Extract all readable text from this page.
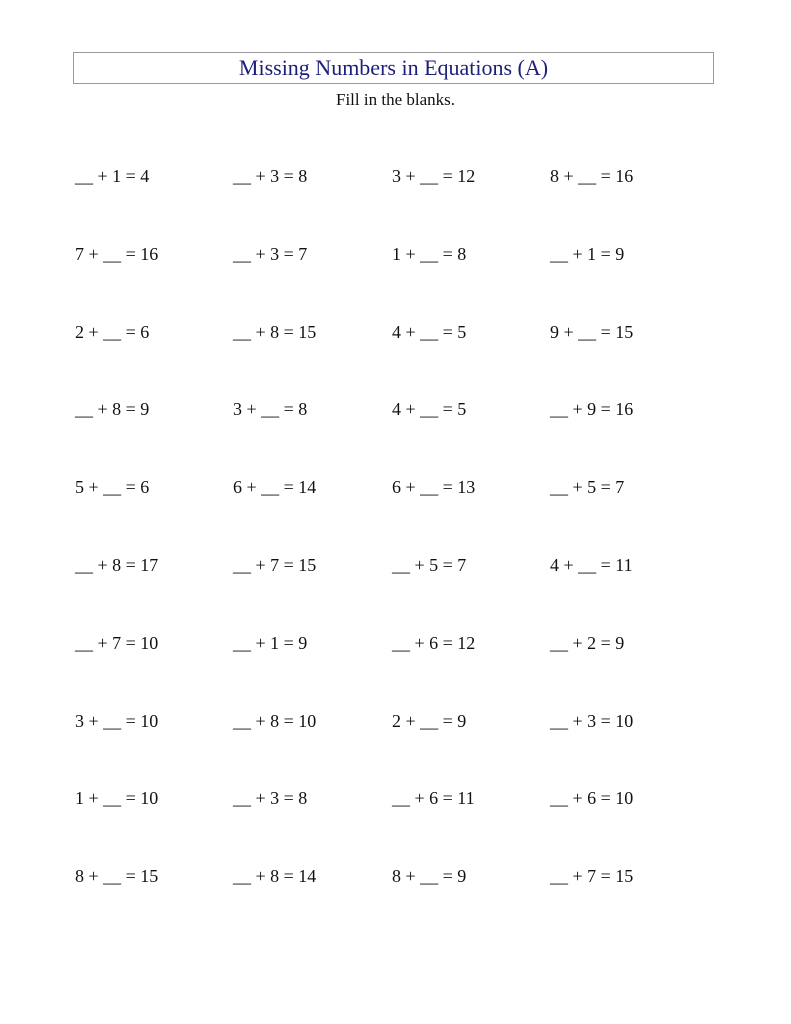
Missing Numbers in Equations (A)
Fill in the blanks.
__ + 1 = 4	__ + 3 = 8	3 + __ = 12	8 + __ = 16
7 + __ = 16	__ + 3 = 7	1 + __ = 8	__ + 1 = 9
2 + __ = 6	__ + 8 = 15	4 + __ = 5	9 + __ = 15
__ + 8 = 9	3 + __ = 8	4 + __ = 5	__ + 9 = 16
5 + __ = 6	6 + __ = 14	6 + __ = 13	__ + 5 = 7
__ + 8 = 17	__ + 7 = 15	__ + 5 = 7	4 + __ = 11
__ + 7 = 10	__ + 1 = 9	__ + 6 = 12	__ + 2 = 9
3 + __ = 10	__ + 8 = 10	2 + __ = 9	__ + 3 = 10
1 + __ = 10	__ + 3 = 8	__ + 6 = 11	__ + 6 = 10
8 + __ = 15	__ + 8 = 14	8 + __ = 9	__ + 7 = 15
